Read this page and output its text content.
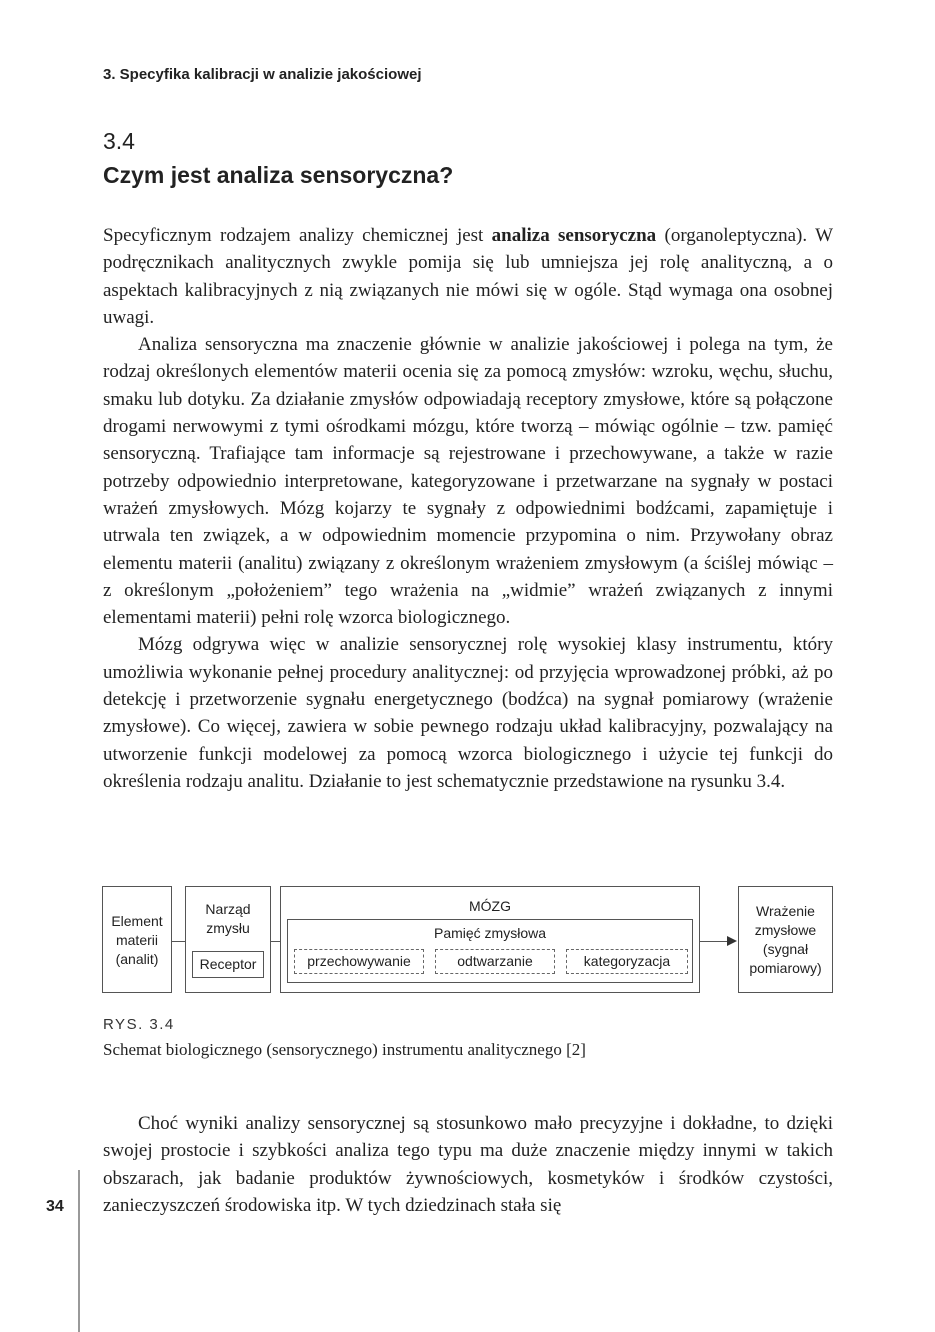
3. Specyfika kalibracji w analizie jakościowej
3.4
Czym jest analiza sensoryczna?

Specyficznym rodzajem analizy chemicznej jest analiza sensoryczna (organoleptyczna). W podręcznikach analitycznych zwykle pomija się lub umniejsza jej rolę analityczną, a o aspektach kalibracyjnych z nią związanych nie mówi się w ogóle. Stąd wymaga ona osobnej uwagi.

Analiza sensoryczna ma znaczenie głównie w analizie jakościowej i polega na tym, że rodzaj określonych elementów materii ocenia się za pomocą zmysłów: wzroku, węchu, słuchu, smaku lub dotyku. Za działanie zmysłów odpowiadają receptory zmysłowe, które są połączone drogami nerwowymi z tymi ośrodkami mózgu, które tworzą – mówiąc ogólnie – tzw. pamięć sensoryczną. Trafiające tam informacje są rejestrowane i przechowywane, a także w razie potrzeby odpowiednio interpretowane, kategoryzowane i przetwarzane na sygnały w postaci wrażeń zmysłowych. Mózg kojarzy te sygnały z odpowiednimi bodźcami, zapamiętuje i utrwala ten związek, a w odpowiednim momencie przypomina o nim. Przywołany obraz elementu materii (analitu) związany z określonym wrażeniem zmysłowym (a ściślej mówiąc – z określonym „położeniem” tego wrażenia na „widmie” wrażeń związanych z innymi elementami materii) pełni rolę wzorca biologicznego.

Mózg odgrywa więc w analizie sensorycznej rolę wysokiej klasy instrumentu, który umożliwia wykonanie pełnej procedury analitycznej: od przyjęcia wprowadzonej próbki, aż po detekcję i przetworzenie sygnału energetycznego (bodźca) na sygnał pomiarowy (wrażenie zmysłowe). Co więcej, zawiera w sobie pewnego rodzaju układ kalibracyjny, pozwalający na utworzenie funkcji modelowej za pomocą wzorca biologicznego i użycie tej funkcji do określenia rodzaju analitu. Działanie to jest schematycznie przedstawione na rysunku 3.4.

Element
materii
(analit)
Narząd
zmysłu
Receptor
MÓZG
Pamięć zmysłowa
przechowywanie	odtwarzanie	kategoryzacja
Wrażenie
zmysłowe
(sygnał
pomiarowy)
RYS. 3.4
Schemat biologicznego (sensorycznego) instrumentu analitycznego [2]

Choć wyniki analizy sensorycznej są stosunkowo mało precyzyjne i dokładne, to dzięki swojej prostocie i szybkości analiza tego typu ma duże znaczenie między innymi w takich obszarach, jak badanie produktów żywnościowych, kosmetyków i środków czystości, zanieczyszczeń środowiska itp. W tych dziedzinach stała się

34
